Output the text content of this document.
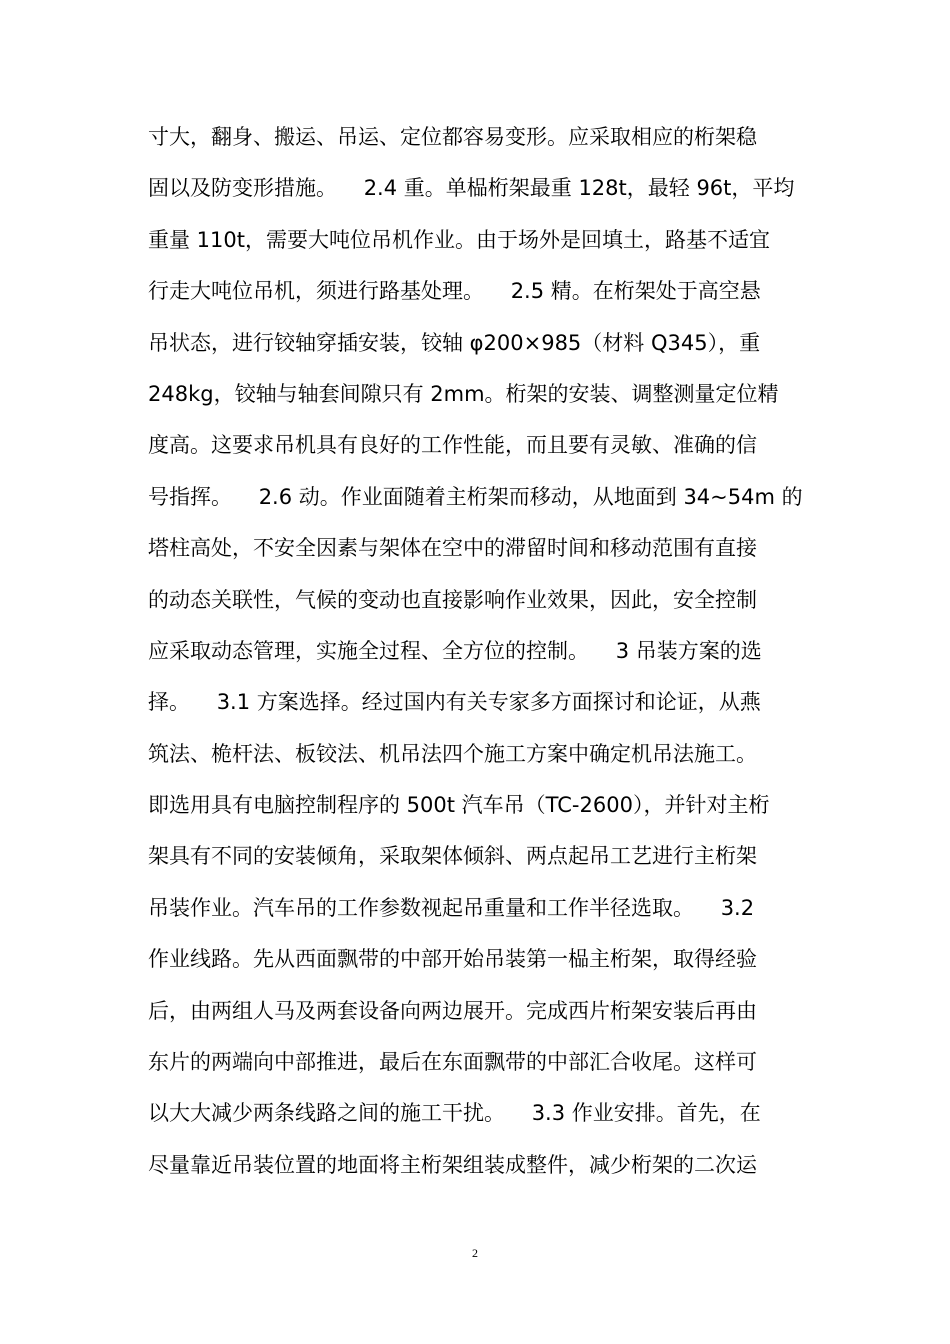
寸大，翻身、搬运、吊运、定位都容易变形。应采取相应的桁架稳
固以及防变形措施。    2.4 重。单榀桁架最重 128t，最轻 96t，平均
重量 110t，需要大吨位吊机作业。由于场外是回填土，路基不适宜
行走大吨位吊机，须进行路基处理。    2.5 精。在桁架处于高空悬
吊状态，进行铰轴穿插安装，铰轴 φ200×985（材料 Q345），重
248kg，铰轴与轴套间隙只有 2mm。桁架的安装、调整测量定位精
度高。这要求吊机具有良好的工作性能，而且要有灵敏、准确的信
号指挥。    2.6 动。作业面随着主桁架而移动，从地面到 34~54m 的
塔柱高处，不安全因素与架体在空中的滞留时间和移动范围有直接
的动态关联性，气候的变动也直接影响作业效果，因此，安全控制
应采取动态管理，实施全过程、全方位的控制。    3 吊装方案的选
择。    3.1 方案选择。经过国内有关专家多方面探讨和论证，从燕
筑法、桅杆法、板铰法、机吊法四个施工方案中确定机吊法施工。
即选用具有电脑控制程序的 500t 汽车吊（TC-2600），并针对主桁
架具有不同的安装倾角，采取架体倾斜、两点起吊工艺进行主桁架
吊装作业。汽车吊的工作参数视起吊重量和工作半径选取。    3.2
作业线路。先从西面飘带的中部开始吊装第一榀主桁架，取得经验
后，由两组人马及两套设备向两边展开。完成西片桁架安装后再由
东片的两端向中部推进，最后在东面飘带的中部汇合收尾。这样可
以大大减少两条线路之间的施工干扰。    3.3 作业安排。首先，在
尽量靠近吊装位置的地面将主桁架组装成整件，减少桁架的二次运
2
